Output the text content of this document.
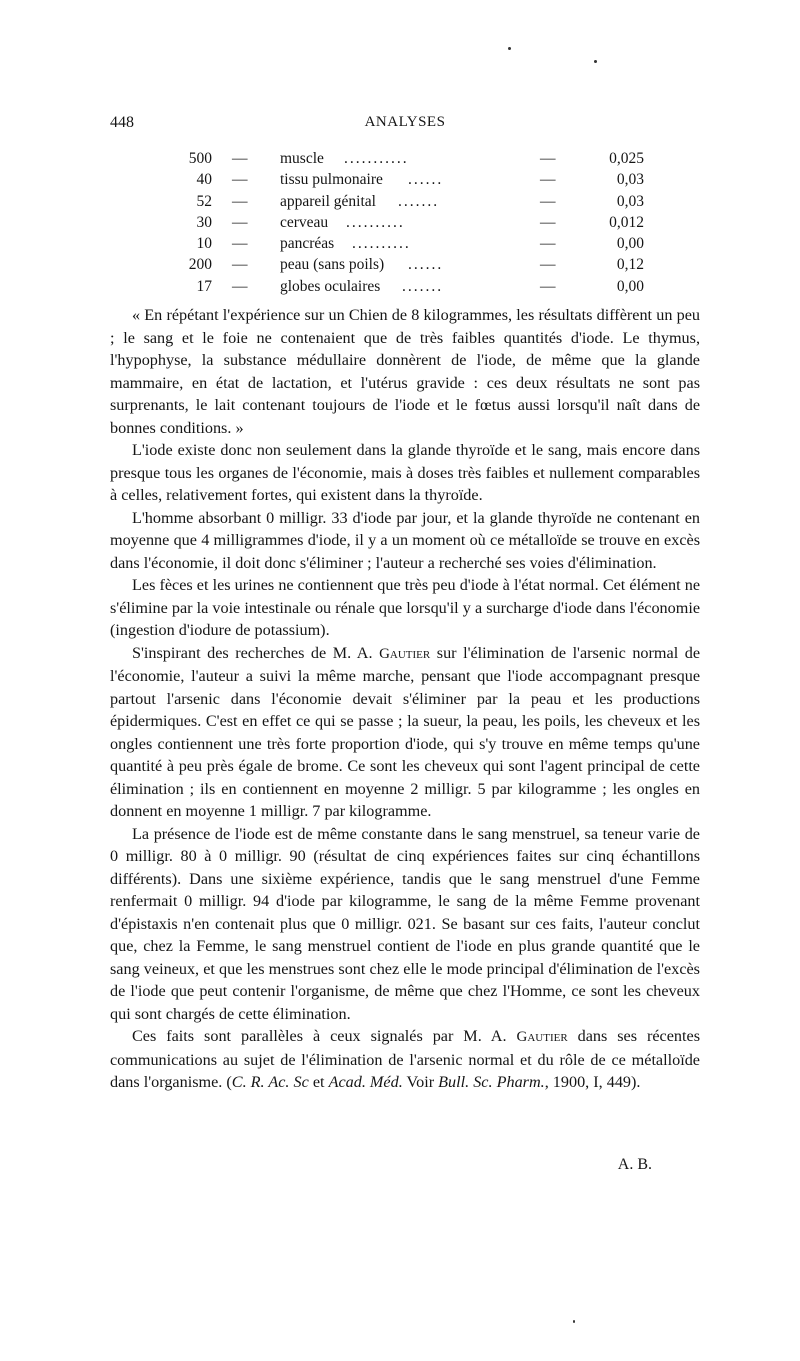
448	ANALYSES
500 — muscle ...........	—	0,025
40 — tissu pulmonaire ......	—	0,03
52 — appareil génital .......	—	0,03
30 — cerveau ..........	—	0,012
10 — pancréas ..........	—	0,00
200 — peau (sans poils) ......	—	0,12
17 — globes oculaires .......	—	0,00

« En répétant l'expérience sur un Chien de 8 kilogrammes, les résultats diffèrent un peu ; le sang et le foie ne contenaient que de très faibles quantités d'iode. Le thymus, l'hypophyse, la substance médullaire donnèrent de l'iode, de même que la glande mammaire, en état de lactation, et l'utérus gravide : ces deux résultats ne sont pas surprenants, le lait contenant toujours de l'iode et le fœtus aussi lorsqu'il naît dans de bonnes conditions. »

L'iode existe donc non seulement dans la glande thyroïde et le sang, mais encore dans presque tous les organes de l'économie, mais à doses très faibles et nullement comparables à celles, relativement fortes, qui existent dans la thyroïde.

L'homme absorbant 0 milligr. 33 d'iode par jour, et la glande thyroïde ne contenant en moyenne que 4 milligrammes d'iode, il y a un moment où ce métalloïde se trouve en excès dans l'économie, il doit donc s'éliminer ; l'auteur a recherché ses voies d'élimination.

Les fèces et les urines ne contiennent que très peu d'iode à l'état normal. Cet élément ne s'élimine par la voie intestinale ou rénale que lorsqu'il y a surcharge d'iode dans l'économie (ingestion d'iodure de potassium).

S'inspirant des recherches de M. A. Gautier sur l'élimination de l'arsenic normal de l'économie, l'auteur a suivi la même marche, pensant que l'iode accompagnant presque partout l'arsenic dans l'économie devait s'éliminer par la peau et les productions épidermiques. C'est en effet ce qui se passe ; la sueur, la peau, les poils, les cheveux et les ongles contiennent une très forte proportion d'iode, qui s'y trouve en même temps qu'une quantité à peu près égale de brome. Ce sont les cheveux qui sont l'agent principal de cette élimination ; ils en contiennent en moyenne 2 milligr. 5 par kilogramme ; les ongles en donnent en moyenne 1 milligr. 7 par kilogramme.

La présence de l'iode est de même constante dans le sang menstruel, sa teneur varie de 0 milligr. 80 à 0 milligr. 90 (résultat de cinq expériences faites sur cinq échantillons différents). Dans une sixième expérience, tandis que le sang menstruel d'une Femme renfermait 0 milligr. 94 d'iode par kilogramme, le sang de la même Femme provenant d'épistaxis n'en contenait plus que 0 milligr. 021. Se basant sur ces faits, l'auteur conclut que, chez la Femme, le sang menstruel contient de l'iode en plus grande quantité que le sang veineux, et que les menstrues sont chez elle le mode principal d'élimination de l'excès de l'iode que peut contenir l'organisme, de même que chez l'Homme, ce sont les cheveux qui sont chargés de cette élimination.

Ces faits sont parallèles à ceux signalés par M. A. Gautier dans ses récentes communications au sujet de l'élimination de l'arsenic normal et du rôle de ce métalloïde dans l'organisme. (C. R. Ac. Sc et Acad. Méd. Voir Bull. Sc. Pharm., 1900, I, 449).

A. B.
